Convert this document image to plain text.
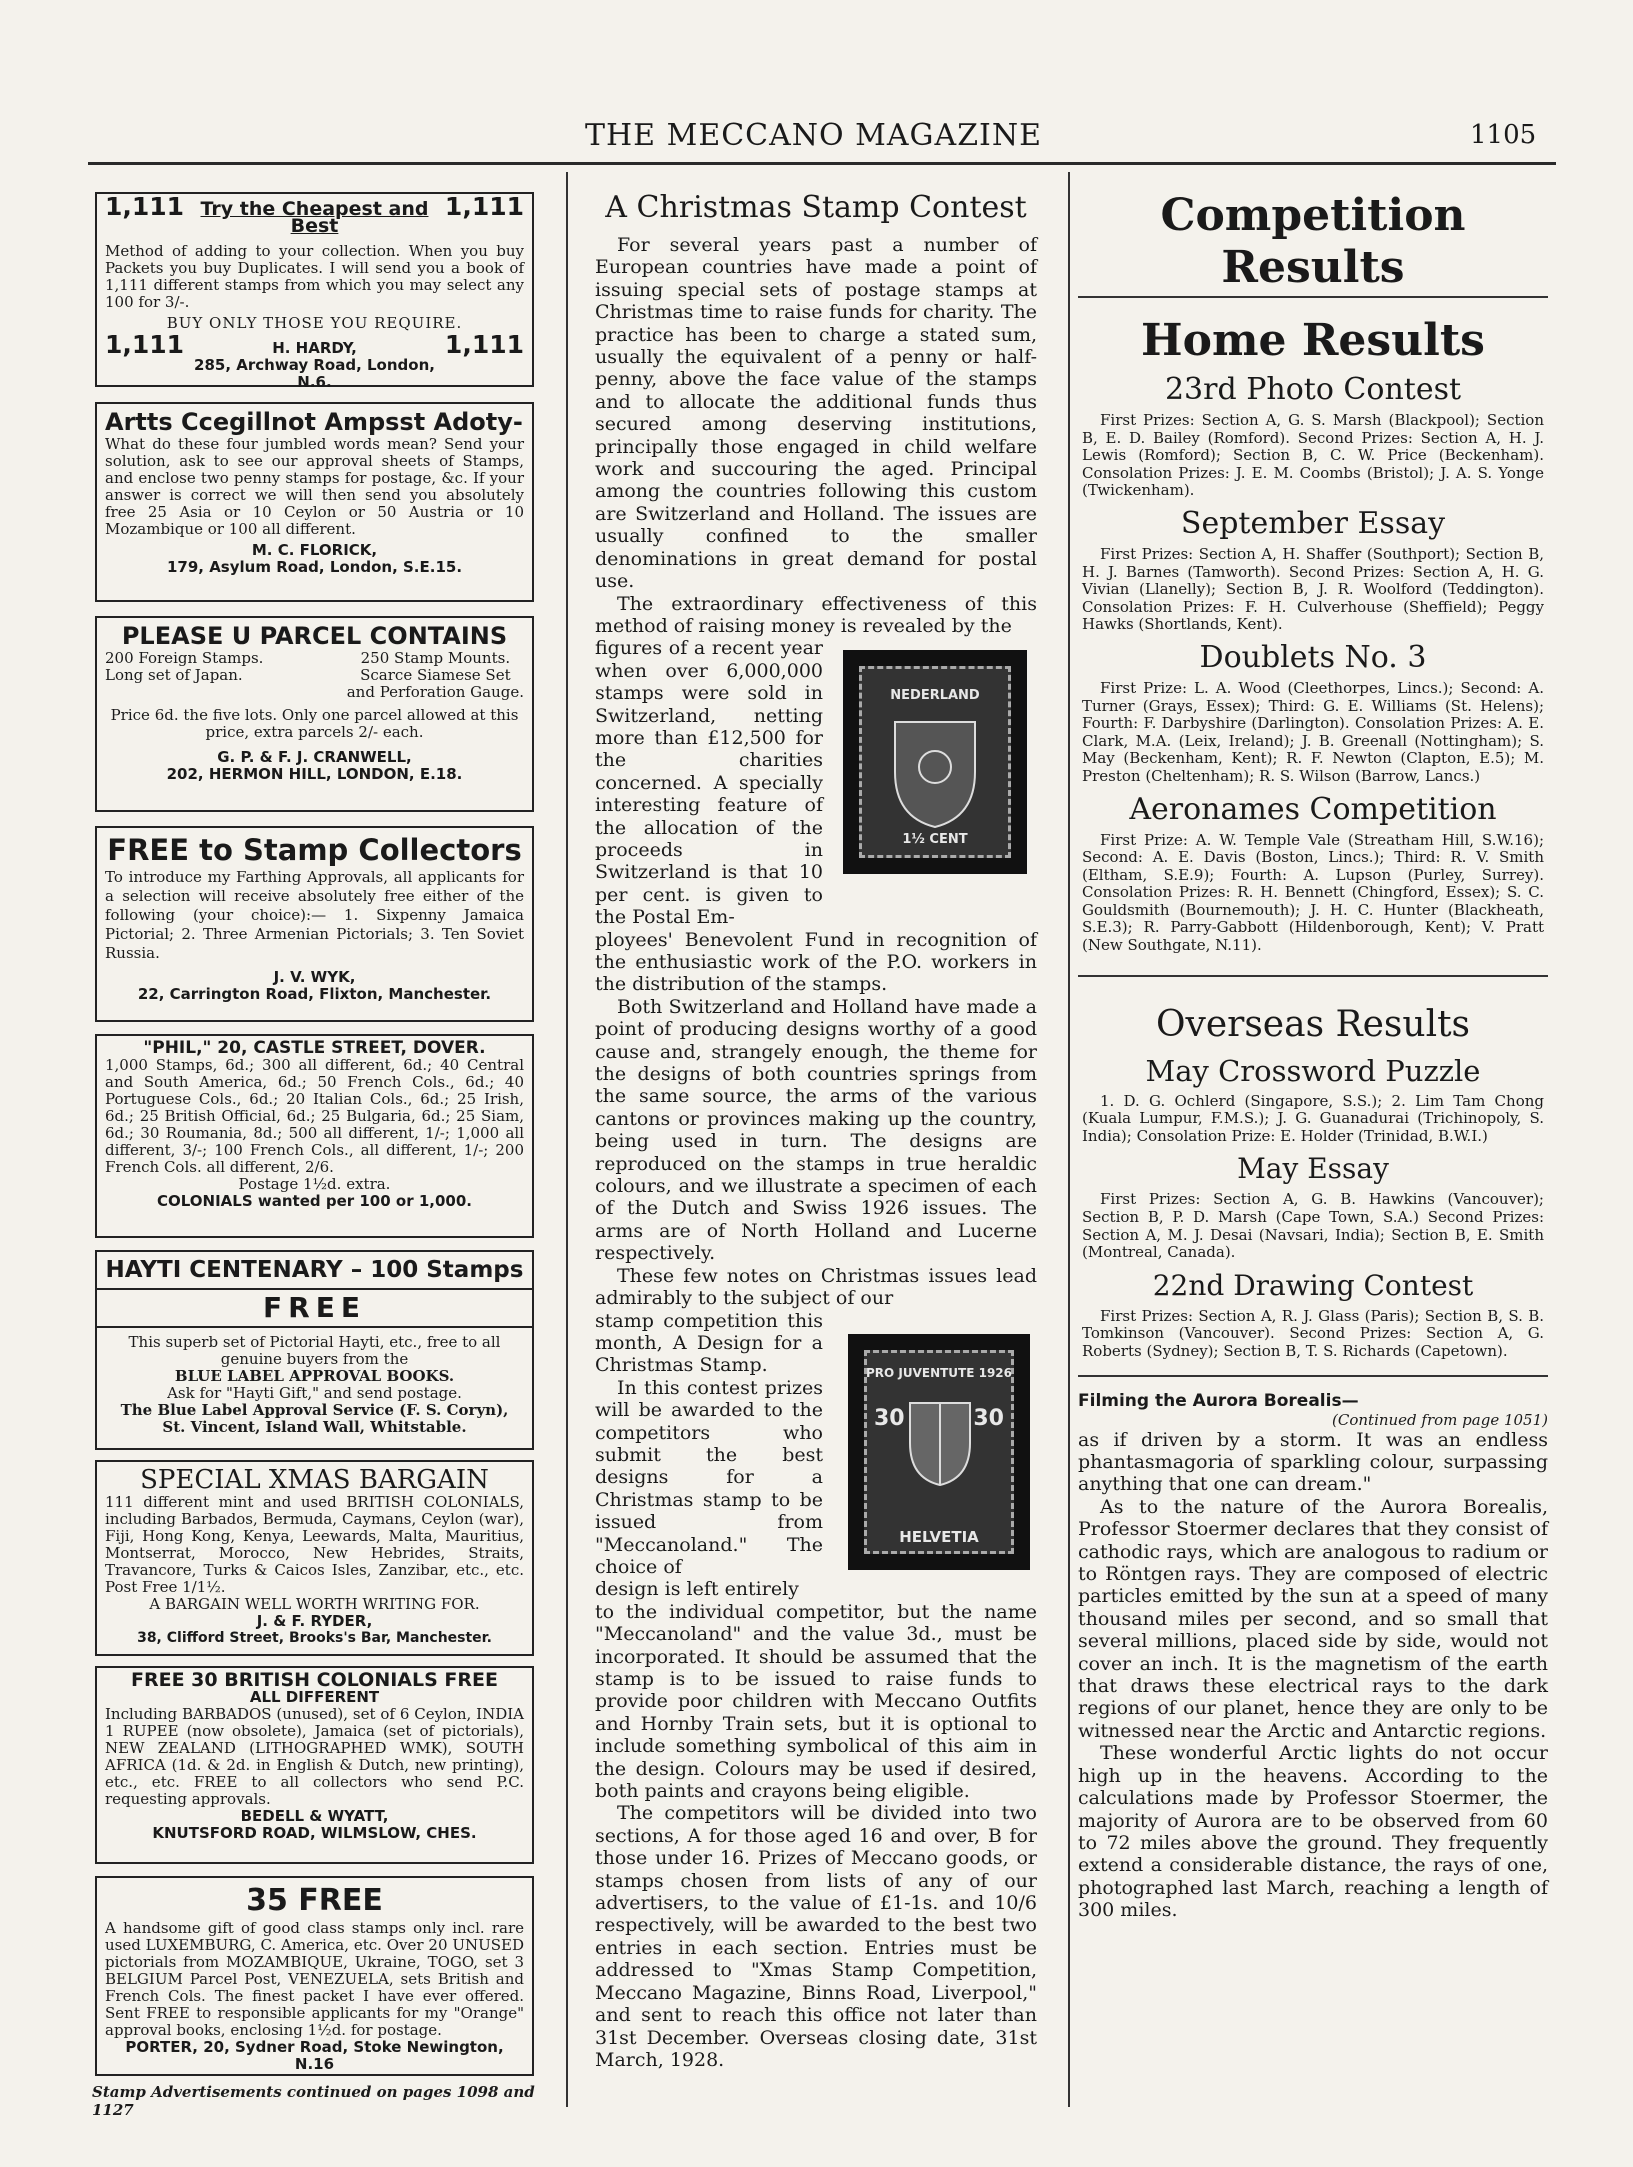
THE MECCANO MAGAZINE	1105
1,111 Try the Cheapest and Best
1,111
Method of adding to your collection. When you buy Packets you buy Duplicates. I will send you a book of 1,111 different stamps from which you may select any 100 for 3/-.
BUY ONLY THOSE YOU REQUIRE.
1,111	H. HARDY,
285, Archway Road, London, N.6.
1,111
Artts Ccegillnot Ampsst Adoty-
What do these four jumbled words mean? Send your solution, ask to see our approval sheets of Stamps, and enclose two penny stamps for postage, &c. If your answer is correct we will then send you absolutely free 25 Asia or 10 Ceylon or 50 Austria or 10 Mozambique or 100 all different.
M. C. FLORICK,
179, Asylum Road, London, S.E.15.
PLEASE U PARCEL CONTAINS
200 Foreign Stamps.
Long set of Japan.
250 Stamp Mounts.
Scarce Siamese Set
and Perforation Gauge.
Price 6d. the five lots. Only one parcel allowed at this price, extra parcels 2/- each.
G. P. & F. J. CRANWELL,
202, HERMON HILL, LONDON, E.18.
FREE to Stamp Collectors
To introduce my Farthing Approvals, all applicants for a selection will receive absolutely free either of the following (your choice):— 1. Sixpenny Jamaica Pictorial; 2. Three Armenian Pictorials; 3. Ten Soviet Russia.
J. V. WYK,
22, Carrington Road, Flixton, Manchester.
"PHIL," 20, CASTLE STREET, DOVER.
1,000 Stamps, 6d.; 300 all different, 6d.; 40 Central and South America, 6d.; 50 French Cols., 6d.; 40 Portuguese Cols., 6d.; 20 Italian Cols., 6d.; 25 Irish, 6d.; 25 British Official, 6d.; 25 Bulgaria, 6d.; 25 Siam, 6d.; 30 Roumania, 8d.; 500 all different, 1/-; 1,000 all different, 3/-; 100 French Cols., all different, 1/-; 200 French Cols. all different, 2/6.
Postage 1½d. extra.
COLONIALS wanted per 100 or 1,000.
HAYTI CENTENARY – 100 Stamps
FREE
This superb set of Pictorial Hayti, etc., free to all genuine buyers from the
BLUE LABEL APPROVAL BOOKS.
Ask for "Hayti Gift," and send postage.
The Blue Label Approval Service (F. S. Coryn),
St. Vincent, Island Wall, Whitstable.
SPECIAL XMAS BARGAIN
111 different mint and used BRITISH COLONIALS, including Barbados, Bermuda, Caymans, Ceylon (war), Fiji, Hong Kong, Kenya, Leewards, Malta, Mauritius, Montserrat, Morocco, New Hebrides, Straits, Travancore, Turks & Caicos Isles, Zanzibar, etc., etc. Post Free 1/1½.
A BARGAIN WELL WORTH WRITING FOR.
J. & F. RYDER,
38, Clifford Street, Brooks's Bar, Manchester.
FREE 30 BRITISH COLONIALS FREE
ALL DIFFERENT
Including BARBADOS (unused), set of 6 Ceylon, INDIA 1 RUPEE (now obsolete), Jamaica (set of pictorials), NEW ZEALAND (LITHOGRAPHED WMK), SOUTH AFRICA (1d. & 2d. in English & Dutch, new printing), etc., etc. FREE to all collectors who send P.C. requesting approvals.
BEDELL & WYATT,
KNUTSFORD ROAD, WILMSLOW, CHES.
35 FREE
A handsome gift of good class stamps only incl. rare used LUXEMBURG, C. America, etc. Over 20 UNUSED pictorials from MOZAMBIQUE, Ukraine, TOGO, set 3 BELGIUM Parcel Post, VENEZUELA, sets British and French Cols. The finest packet I have ever offered. Sent FREE to responsible applicants for my "Orange" approval books, enclosing 1½d. for postage.
PORTER, 20, Sydner Road, Stoke Newington, N.16
Stamp Advertisements continued on pages 1098 and 1127
A Christmas Stamp Contest

For several years past a number of European countries have made a point of issuing special sets of postage stamps at Christmas time to raise funds for charity. The practice has been to charge a stated sum, usually the equivalent of a penny or half-penny, above the face value of the stamps and to allocate the additional funds thus secured among deserving institutions, principally those engaged in child welfare work and succouring the aged. Principal among the countries following this custom are Switzerland and Holland. The issues are usually confined to the smaller denominations in great demand for postal use.

The extraordinary effectiveness of this method of raising money is revealed by the

figures of a recent year when over 6,000,000 stamps were sold in Switzerland, netting more than £12,500 for the charities concerned. A specially interesting feature of the allocation of the proceeds in Switzerland is that 10 per cent. is given to the Postal Em-

ployees' Benevolent Fund in recognition of the enthusiastic work of the P.O. workers in the distribution of the stamps.

Both Switzerland and Holland have made a point of producing designs worthy of a good cause and, strangely enough, the theme for the designs of both countries springs from the same source, the arms of the various cantons or provinces making up the country, being used in turn. The designs are reproduced on the stamps in true heraldic colours, and we illustrate a specimen of each of the Dutch and Swiss 1926 issues. The arms are of North Holland and Lucerne respectively.

These few notes on Christmas issues lead admirably to the subject of our

stamp competition this month, A Design for a Christmas Stamp.
In this contest prizes will be awarded to the competitors who submit the best designs for a Christmas stamp to be issued from "Meccanoland." The choice of
design is left entirely

to the individual competitor, but the name "Meccanoland" and the value 3d., must be incorporated. It should be assumed that the stamp is to be issued to raise funds to provide poor children with Meccano Outfits and Hornby Train sets, but it is optional to include something symbolical of this aim in the design. Colours may be used if desired, both paints and crayons being eligible.

The competitors will be divided into two sections, A for those aged 16 and over, B for those under 16. Prizes of Meccano goods, or stamps chosen from lists of any of our advertisers, to the value of £1-1s. and 10/6 respectively, will be awarded to the best two entries in each section. Entries must be addressed to "Xmas Stamp Competition, Meccano Magazine, Binns Road, Liverpool," and sent to reach this office not later than 31st December. Overseas closing date, 31st March, 1928.

NEDERLAND
1½ CENT
PRO JUVENTUTE 1926
30	30
HELVETIA
Competition Results
Home Results
23rd Photo Contest
First Prizes: Section A, G. S. Marsh (Blackpool); Section B, E. D. Bailey (Romford). Second Prizes: Section A, H. J. Lewis (Romford); Section B, C. W. Price (Beckenham). Consolation Prizes: J. E. M. Coombs (Bristol); J. A. S. Yonge (Twickenham).
September Essay
First Prizes: Section A, H. Shaffer (Southport); Section B, H. J. Barnes (Tamworth). Second Prizes: Section A, H. G. Vivian (Llanelly); Section B, J. R. Woolford (Teddington). Consolation Prizes: F. H. Culverhouse (Sheffield); Peggy Hawks (Shortlands, Kent).
Doublets No. 3
First Prize: L. A. Wood (Cleethorpes, Lincs.); Second: A. Turner (Grays, Essex); Third: G. E. Williams (St. Helens); Fourth: F. Darbyshire (Darlington). Consolation Prizes: A. E. Clark, M.A. (Leix, Ireland); J. B. Greenall (Nottingham); S. May (Beckenham, Kent); R. F. Newton (Clapton, E.5); M. Preston (Cheltenham); R. S. Wilson (Barrow, Lancs.)
Aeronames Competition
First Prize: A. W. Temple Vale (Streatham Hill, S.W.16); Second: A. E. Davis (Boston, Lincs.); Third: R. V. Smith (Eltham, S.E.9); Fourth: A. Lupson (Purley, Surrey). Consolation Prizes: R. H. Bennett (Chingford, Essex); S. C. Gouldsmith (Bournemouth); J. H. C. Hunter (Blackheath, S.E.3); R. Parry-Gabbott (Hildenborough, Kent); V. Pratt (New Southgate, N.11).
Overseas Results
May Crossword Puzzle
1. D. G. Ochlerd (Singapore, S.S.); 2. Lim Tam Chong (Kuala Lumpur, F.M.S.); J. G. Guanadurai (Trichinopoly, S. India); Consolation Prize: E. Holder (Trinidad, B.W.I.)
May Essay
First Prizes: Section A, G. B. Hawkins (Vancouver); Section B, P. D. Marsh (Cape Town, S.A.) Second Prizes: Section A, M. J. Desai (Navsari, India); Section B, E. Smith (Montreal, Canada).
22nd Drawing Contest
First Prizes: Section A, R. J. Glass (Paris); Section B, S. B. Tomkinson (Vancouver). Second Prizes: Section A, G. Roberts (Sydney); Section B, T. S. Richards (Capetown).
Filming the Aurora Borealis—
(Continued from page 1051)

as if driven by a storm. It was an endless phantasmagoria of sparkling colour, surpassing anything that one can dream."

As to the nature of the Aurora Borealis, Professor Stoermer declares that they consist of cathodic rays, which are analogous to radium or to Röntgen rays. They are composed of electric particles emitted by the sun at a speed of many thousand miles per second, and so small that several millions, placed side by side, would not cover an inch. It is the magnetism of the earth that draws these electrical rays to the dark regions of our planet, hence they are only to be witnessed near the Arctic and Antarctic regions.

These wonderful Arctic lights do not occur high up in the heavens. According to the calculations made by Professor Stoermer, the majority of Aurora are to be observed from 60 to 72 miles above the ground. They frequently extend a considerable distance, the rays of one, photographed last March, reaching a length of 300 miles.
